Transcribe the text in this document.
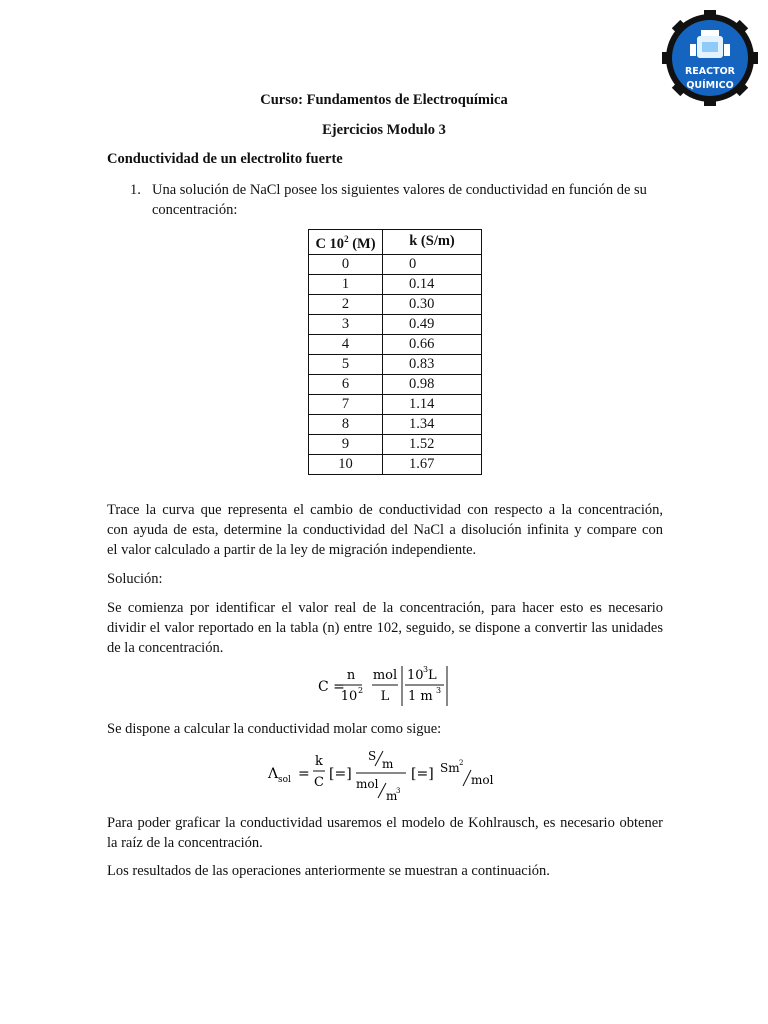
REACTOR
QUÍMICO
Curso: Fundamentos de Electroquímica
Ejercicios Modulo 3
Conductividad de un electrolito fuerte
1. Una solución de NaCl posee los siguientes valores de conductividad en función de su
concentración:
C $10^2$ (M)	k (S/m)
0	0
1	0.14
2	0.30
3	0.49
4	0.66
5	0.83
6	0.98
7	1.14
8	1.34
9	1.52
10	1.67
Trace la curva que representa el cambio de conductividad con respecto a la concentración,
con ayuda de esta, determine la conductividad del NaCl a disolución infinita y compare con
el valor calculado a partir de la ley de migración independiente.
Solución:
Se comienza por identificar el valor real de la concentración, para hacer esto es necesario
dividir el valor reportado en la tabla (n) entre 102, seguido, se dispone a convertir las unidades
de la concentración.
C =
n
10 2
mol
L
10 3 L
1 m 3
Se dispone a calcular la conductividad molar como sigue:
Λ sol =
k
C
[=]
S
m
mol
m
3
[=] Sm 2
mol
Para poder graficar la conductividad usaremos el modelo de Kohlrausch, es necesario obtener
la raíz de la concentración.
Los resultados de las operaciones anteriormente se muestran a continuación.
